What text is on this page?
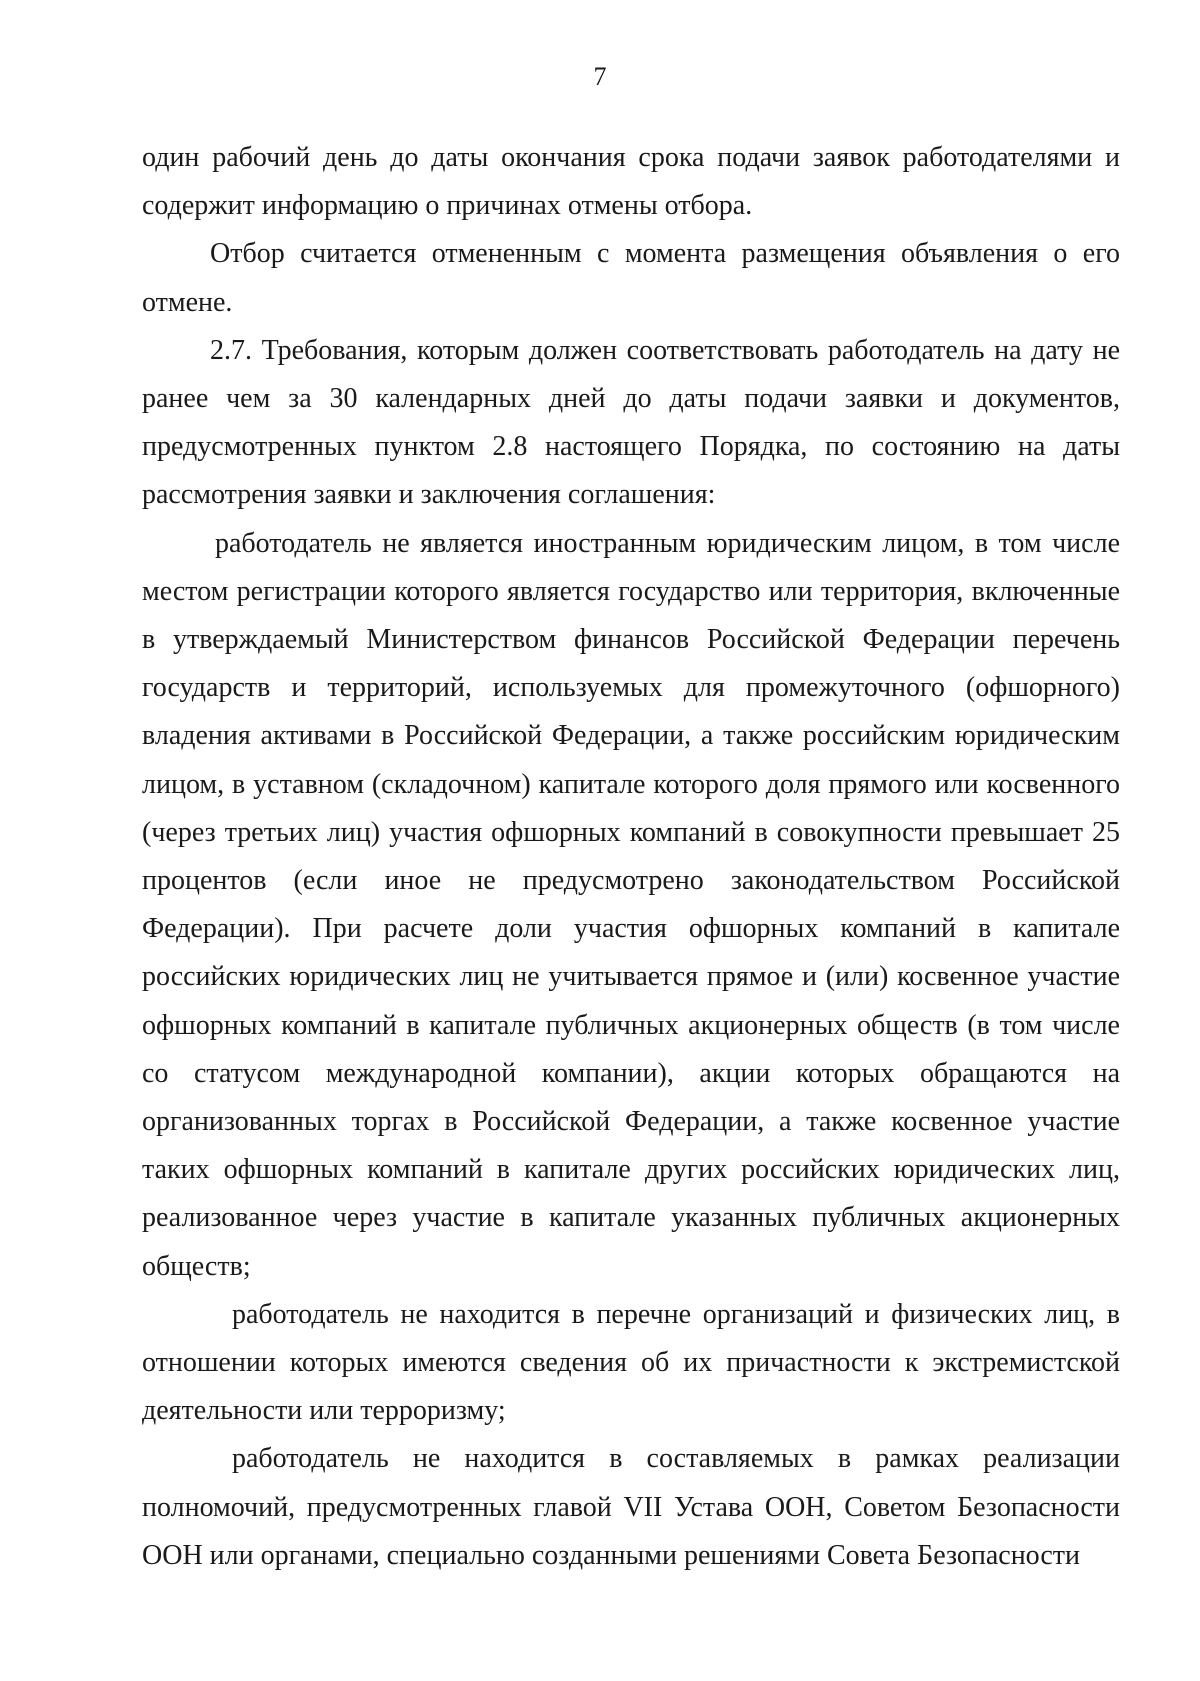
7

один рабочий день до даты окончания срока подачи заявок работодателями и содержит информацию о причинах отмены отбора.

Отбор считается отмененным с момента размещения объявления о его отмене.

2.7. Требования, которым должен соответствовать работодатель на дату не ранее чем за 30 календарных дней до даты подачи заявки и документов, предусмотренных пунктом 2.8 настоящего Порядка, по состоянию на даты рассмотрения заявки и заключения соглашения:

работодатель не является иностранным юридическим лицом, в том числе местом регистрации которого является государство или территория, включенные в утверждаемый Министерством финансов Российской Федерации перечень государств и территорий, используемых для промежуточного (офшорного) владения активами в Российской Федерации, а также российским юридическим лицом, в уставном (складочном) капитале которого доля прямого или косвенного (через третьих лиц) участия офшорных компаний в совокупности превышает 25 процентов (если иное не предусмотрено законодательством Российской Федерации). При расчете доли участия офшорных компаний в капитале российских юридических лиц не учитывается прямое и (или) косвенное участие офшорных компаний в капитале публичных акционерных обществ (в том числе со статусом международной компании), акции которых обращаются на организованных торгах в Российской Федерации, а также косвенное участие таких офшорных компаний в капитале других российских юридических лиц, реализованное через участие в капитале указанных публичных акционерных обществ;

работодатель не находится в перечне организаций и физических лиц, в отношении которых имеются сведения об их причастности к экстремистской деятельности или терроризму;

работодатель не находится в составляемых в рамках реализации полномочий, предусмотренных главой VII Устава ООН, Советом Безопасности ООН или органами, специально созданными решениями Совета Безопасности
